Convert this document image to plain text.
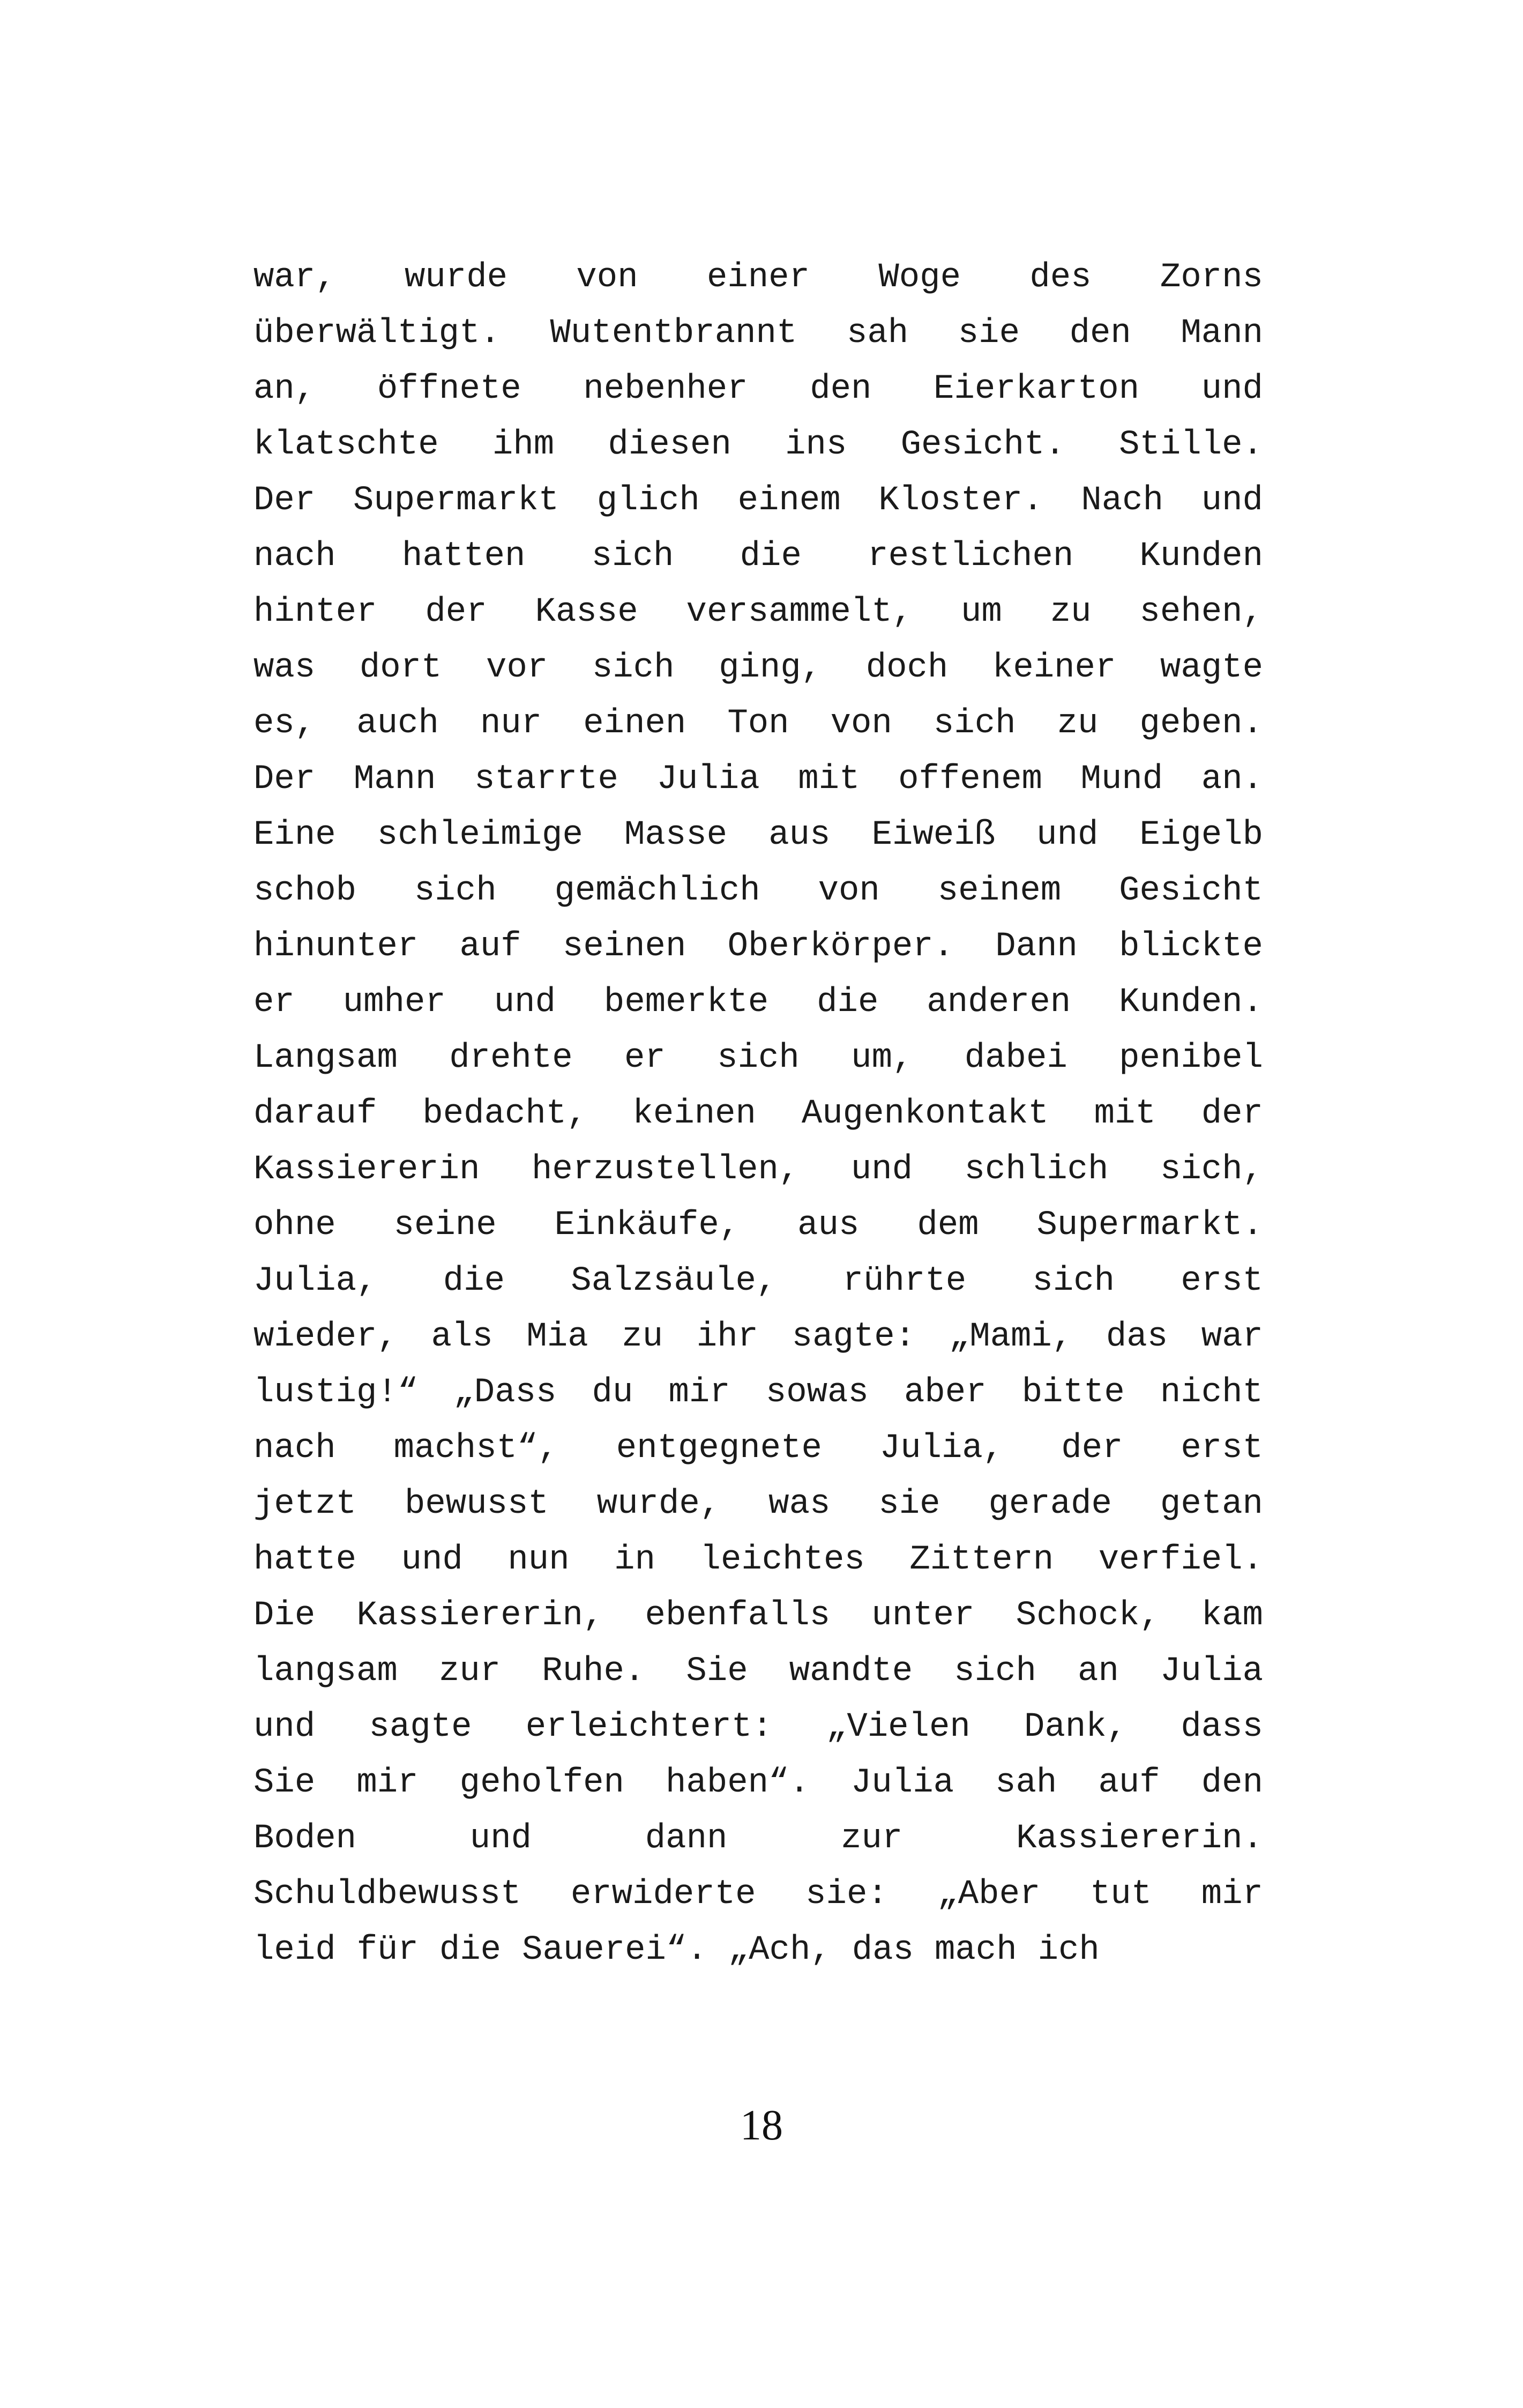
war, wurde von einer Woge des Zorns
überwältigt. Wutentbrannt sah sie den Mann
an, öffnete nebenher den Eierkarton und
klatschte ihm diesen ins Gesicht. Stille.
Der Supermarkt glich einem Kloster. Nach und
nach hatten sich die restlichen Kunden
hinter der Kasse versammelt, um zu sehen,
was dort vor sich ging, doch keiner wagte
es, auch nur einen Ton von sich zu geben.
Der Mann starrte Julia mit offenem Mund an.
Eine schleimige Masse aus Eiweiß und Eigelb
schob sich gemächlich von seinem Gesicht
hinunter auf seinen Oberkörper. Dann blickte
er umher und bemerkte die anderen Kunden.
Langsam drehte er sich um, dabei penibel
darauf bedacht, keinen Augenkontakt mit der
Kassiererin herzustellen, und schlich sich,
ohne seine Einkäufe, aus dem Supermarkt.
Julia, die Salzsäule, rührte sich erst
wieder, als Mia zu ihr sagte: „Mami, das war
lustig!“ „Dass du mir sowas aber bitte nicht
nach machst“, entgegnete Julia, der erst
jetzt bewusst wurde, was sie gerade getan
hatte und nun in leichtes Zittern verfiel.
Die Kassiererin, ebenfalls unter Schock, kam
langsam zur Ruhe. Sie wandte sich an Julia
und sagte erleichtert: „Vielen Dank, dass
Sie mir geholfen haben“. Julia sah auf den
Boden	und	dann	zur	Kassiererin.
Schuldbewusst erwiderte sie: „Aber tut mir
leid für die Sauerei“. „Ach, das mach ich
18
